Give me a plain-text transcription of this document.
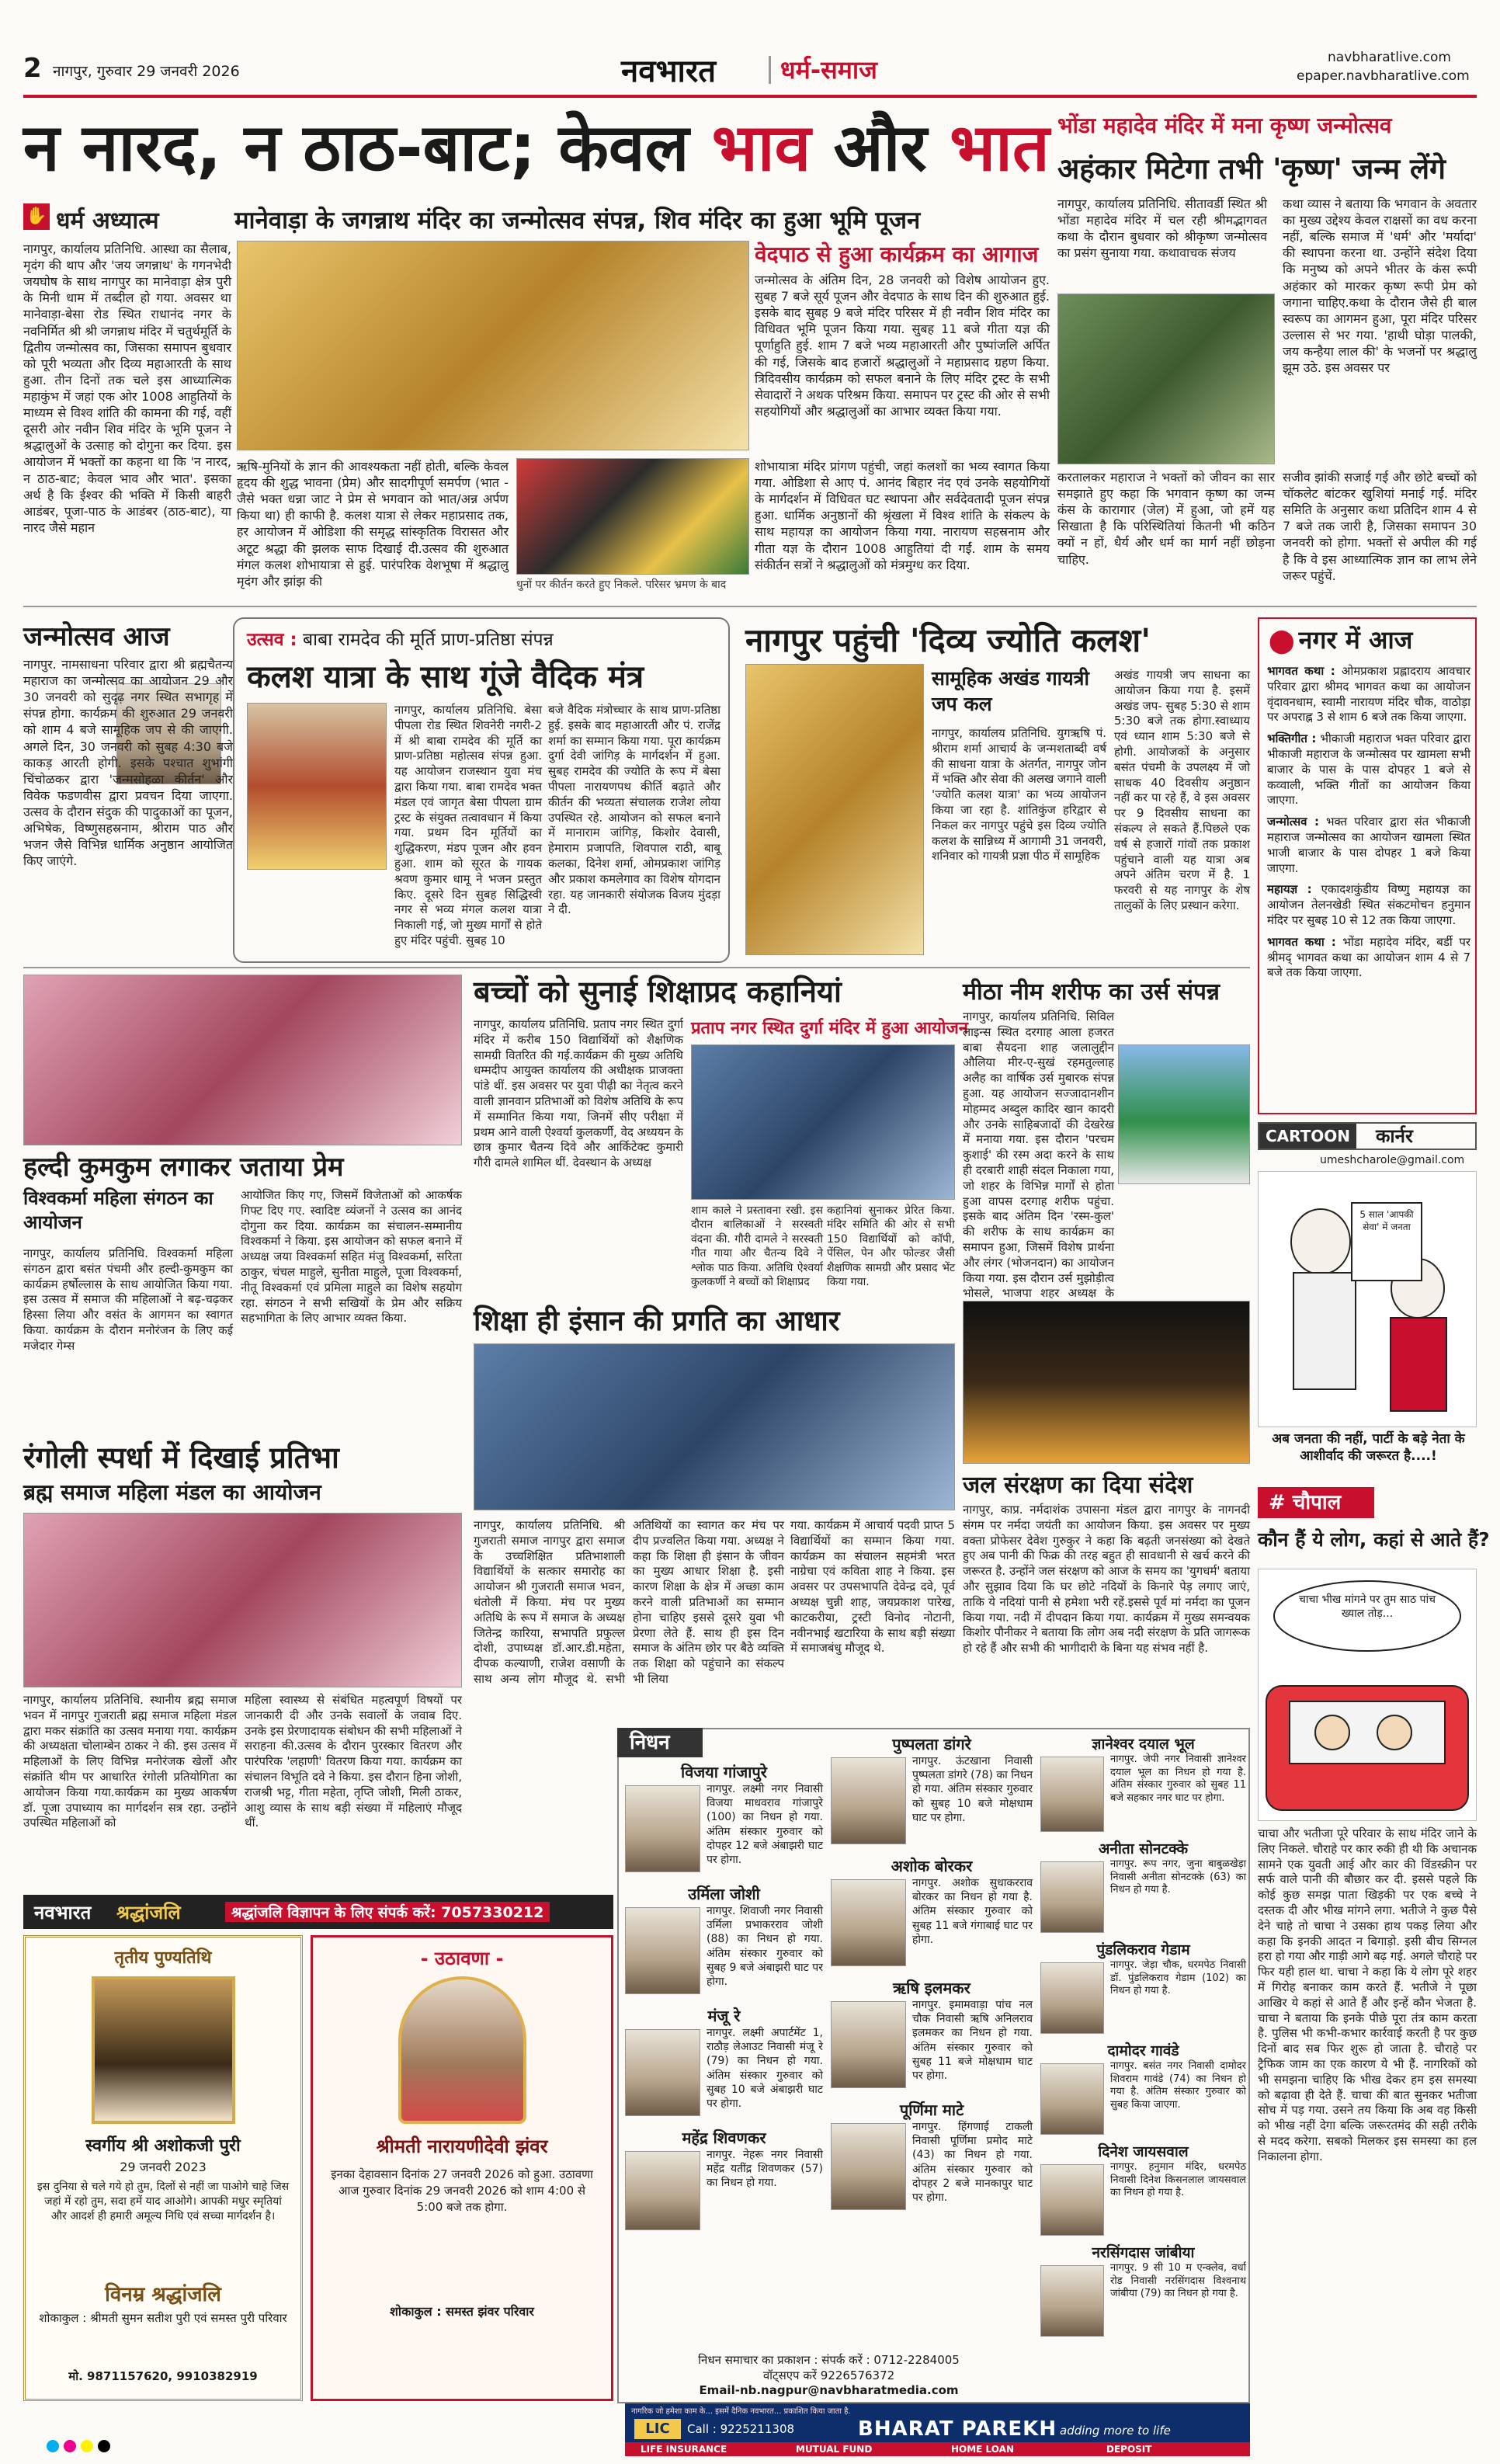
2 नागपुर, गुरुवार 29 जनवरी 2026	नवभारत	धर्म-समाज	navbharatlive.com
epaper.navbharatlive.com
न नारद, न ठाठ-बाट; केवल भाव और भात
✋ धर्म अध्यात्म	मानेवाड़ा के जगन्नाथ मंदिर का जन्मोत्सव संपन्न, शिव मंदिर का हुआ भूमि पूजन
नागपुर, कार्यालय प्रतिनिधि. आस्था का सैलाब, मृदंग की थाप और 'जय जगन्नाथ' के गगनभेदी जयघोष के साथ नागपुर का मानेवाड़ा क्षेत्र पुरी के मिनी धाम में तब्दील हो गया. अवसर था मानेवाड़ा-बेसा रोड स्थित राधानंद नगर के नवनिर्मित श्री श्री जगन्नाथ मंदिर में चतुर्थमूर्ति के द्वितीय जन्मोत्सव का, जिसका समापन बुधवार को पूरी भव्यता और दिव्य महाआरती के साथ हुआ. तीन दिनों तक चले इस आध्यात्मिक महाकुंभ में जहां एक ओर 1008 आहुतियों के माध्यम से विश्व शांति की कामना की गई, वहीं दूसरी ओर नवीन शिव मंदिर के भूमि पूजन ने श्रद्धालुओं के उत्साह को दोगुना कर दिया. इस आयोजन में भक्तों का कहना था कि 'न नारद, न ठाठ-बाट; केवल भाव और भात'. इसका अर्थ है कि ईश्वर की भक्ति में किसी बाहरी आडंबर, पूजा-पाठ के आडंबर (ठाठ-बाट), या नारद जैसे महान
वेदपाठ से हुआ कार्यक्रम का आगाज
जन्मोत्सव के अंतिम दिन, 28 जनवरी को विशेष आयोजन हुए. सुबह 7 बजे सूर्य पूजन और वेदपाठ के साथ दिन की शुरुआत हुई. इसके बाद सुबह 9 बजे मंदिर परिसर में ही नवीन शिव मंदिर का विधिवत भूमि पूजन किया गया. सुबह 11 बजे गीता यज्ञ की पूर्णाहुति हुई. शाम 7 बजे भव्य महाआरती और पुष्पांजलि अर्पित की गई, जिसके बाद हजारों श्रद्धालुओं ने महाप्रसाद ग्रहण किया. त्रिदिवसीय कार्यक्रम को सफल बनाने के लिए मंदिर ट्रस्ट के सभी सेवादारों ने अथक परिश्रम किया. समापन पर ट्रस्ट की ओर से सभी सहयोगियों और श्रद्धालुओं का आभार व्यक्त किया गया.
ऋषि-मुनियों के ज्ञान की आवश्यकता नहीं होती, बल्कि केवल हृदय की शुद्ध भावना (प्रेम) और सादगीपूर्ण समर्पण (भात - जैसे भक्त धन्ना जाट ने प्रेम से भगवान को भात/अन्न अर्पण किया था) ही काफी है. कलश यात्रा से लेकर महाप्रसाद तक, हर आयोजन में ओडिशा की समृद्ध सांस्कृतिक विरासत और अटूट श्रद्धा की झलक साफ दिखाई दी.उत्सव की शुरुआत मंगल कलश शोभायात्रा से हुई. पारंपरिक वेशभूषा में श्रद्धालु मृदंग और झांझ की	धुनों पर कीर्तन करते हुए निकले. परिसर भ्रमण के बाद
शोभायात्रा मंदिर प्रांगण पहुंची, जहां कलशों का भव्य स्वागत किया गया. ओडिशा से आए पं. आनंद बिहार नंद एवं उनके सहयोगियों के मार्गदर्शन में विधिवत घट स्थापना और सर्वदेवतादी पूजन संपन्न हुआ. धार्मिक अनुष्ठानों की श्रृंखला में विश्व शांति के संकल्प के साथ महायज्ञ का आयोजन किया गया. नारायण सहस्रनाम और गीता यज्ञ के दौरान 1008 आहुतियां दी गईं. शाम के समय संकीर्तन सत्रों ने श्रद्धालुओं को मंत्रमुग्ध कर दिया.
भोंडा महादेव मंदिर में मना कृष्ण जन्मोत्सव
अहंकार मिटेगा तभी 'कृष्ण' जन्म लेंगे
नागपुर, कार्यालय प्रतिनिधि. सीतावर्डी स्थित श्री भोंडा महादेव मंदिर में चल रही श्रीमद्भागवत कथा के दौरान बुधवार को श्रीकृष्ण जन्मोत्सव का प्रसंग सुनाया गया. कथावाचक संजय
कथा व्यास ने बताया कि भगवान के अवतार का मुख्य उद्देश्य केवल राक्षसों का वध करना नहीं, बल्कि समाज में 'धर्म' और 'मर्यादा' की स्थापना करना था. उन्होंने संदेश दिया कि मनुष्य को अपने भीतर के कंस रूपी अहंकार को मारकर कृष्ण रूपी प्रेम को जगाना चाहिए.कथा के दौरान जैसे ही बाल स्वरूप का आगमन हुआ, पूरा मंदिर परिसर उल्लास से भर गया. 'हाथी घोड़ा पालकी, जय कन्हैया लाल की' के भजनों पर श्रद्धालु झूम उठे. इस अवसर पर
करतालकर महाराज ने भक्तों को जीवन का सार समझाते हुए कहा कि भगवान कृष्ण का जन्म कंस के कारागार (जेल) में हुआ, जो हमें यह सिखाता है कि परिस्थितियां कितनी भी कठिन क्यों न हों, धैर्य और धर्म का मार्ग नहीं छोड़ना चाहिए.
सजीव झांकी सजाई गई और छोटे बच्चों को चॉकलेट बांटकर खुशियां मनाई गईं. मंदिर समिति के अनुसार कथा प्रतिदिन शाम 4 से 7 बजे तक जारी है, जिसका समापन 30 जनवरी को होगा. भक्तों से अपील की गई है कि वे इस आध्यात्मिक ज्ञान का लाभ लेने जरूर पहुंचें.
जन्मोत्सव आज
नागपुर. नामसाधना परिवार द्वारा श्री ब्रह्मचैतन्य महाराज का जन्मोत्सव का आयोजन 29 और 30 जनवरी को सुदृढ़ नगर स्थित सभागृह में संपन्न होगा. कार्यक्रम की शुरुआत 29 जनवरी को शाम 4 बजे सामूहिक जप से की जाएगी. अगले दिन, 30 जनवरी को सुबह 4:30 बजे काकड़ आरती होगी. इसके पश्चात शुभांगी चिंचोळकर द्वारा 'जन्मसोहळा कीर्तन' और विवेक फडणवीस द्वारा प्रवचन दिया जाएगा. उत्सव के दौरान संदुक की पादुकाओं का पूजन, अभिषेक, विष्णुसहस्रनाम, श्रीराम पाठ और भजन जैसे विभिन्न धार्मिक अनुष्ठान आयोजित किए जाएंगे.
उत्सव : बाबा रामदेव की मूर्ति प्राण-प्रतिष्ठा संपन्न
कलश यात्रा के साथ गूंजे वैदिक मंत्र
नागपुर, कार्यालय प्रतिनिधि. बेसा पीपला रोड स्थित शिवनेरी नगरी-2 में श्री बाबा रामदेव की मूर्ति का प्राण-प्रतिष्ठा महोत्सव संपन्न हुआ. यह आयोजन राजस्थान युवा मंच द्वारा किया गया. बाबा रामदेव भक्त मंडल एवं जागृत बेसा पीपला ग्राम ट्रस्ट के संयुक्त तत्वावधान में किया गया. प्रथम दिन मूर्तियों का शुद्धिकरण, मंडप पूजन और हवन हुआ. शाम को सूरत के गायक श्रवण कुमार धामू ने भजन प्रस्तुत किए. दूसरे दिन सुबह सिद्धिस्वी नगर से भव्य मंगल कलश यात्रा निकाली गई, जो मुख्य मार्गों से होते हुए मंदिर पहुंची. सुबह 10
बजे वैदिक मंत्रोच्चार के साथ प्राण-प्रतिष्ठा हुई. इसके बाद महाआरती और पं. राजेंद्र शर्मा का सम्मान किया गया. पूरा कार्यक्रम दुर्गा देवी जांगिड़ के मार्गदर्शन में हुआ. सुबह रामदेव की ज्योति के रूप में बेसा पीपला नारायणपथ कीर्ति बढ़ाते और कीर्तन की भव्यता संचालक राजेश लोया उपस्थित रहे. आयोजन को सफल बनाने में मानाराम जांगिड़, किशोर देवासी, हेमाराम प्रजापति, शिवपाल राठी, बाबू कलका, दिनेश शर्मा, ओमप्रकाश जांगिड़ और प्रकाश कमलेगाव का विशेष योगदान रहा. यह जानकारी संयोजक विजय मुंदड़ा ने दी.
नागपुर पहुंची 'दिव्य ज्योति कलश'
सामूहिक अखंड गायत्री जप कल
नागपुर, कार्यालय प्रतिनिधि. युगऋषि पं. श्रीराम शर्मा आचार्य के जन्मशताब्दी वर्ष की साधना यात्रा के अंतर्गत, नागपुर जोन में भक्ति और सेवा की अलख जगाने वाली 'ज्योति कलश यात्रा' का भव्य आयोजन किया जा रहा है. शांतिकुंज हरिद्वार से निकल कर नागपुर पहुंचे इस दिव्य ज्योति कलश के सान्निध्य में आगामी 31 जनवरी, शनिवार को गायत्री प्रज्ञा पीठ में सामूहिक
अखंड गायत्री जप साधना का आयोजन किया गया है. इसमें अखंड जप- सुबह 5:30 से शाम 5:30 बजे तक होगा.स्वाध्याय एवं ध्यान शाम 5:30 बजे से होगी. आयोजकों के अनुसार बसंत पंचमी के उपलक्ष्य में जो साधक 40 दिवसीय अनुष्ठान नहीं कर पा रहे हैं, वे इस अवसर पर 9 दिवसीय साधना का संकल्प ले सकते हैं.पिछले एक वर्ष से हजारों गांवों तक प्रकाश पहुंचाने वाली यह यात्रा अब अपने अंतिम चरण में है. 1 फरवरी से यह नागपुर के शेष तालुकों के लिए प्रस्थान करेगा.
⬤ नगर में आज
भागवत कथा : ओमप्रकाश प्रह्लादराय आवचार परिवार द्वारा श्रीमद भागवत कथा का आयोजन वृंदावनधाम, स्वामी नारायण मंदिर चौक, वाठोड़ा पर अपराह्न 3 से शाम 6 बजे तक किया जाएगा.
भक्तिगीत : भीकाजी महाराज भक्त परिवार द्वारा भीकाजी महाराज के जन्मोत्सव पर खामला सभी बाजार के पास के पास दोपहर 1 बजे से कव्वाली, भक्ति गीतों का आयोजन किया जाएगा.
जन्मोत्सव : भक्त परिवार द्वारा संत भीकाजी महाराज जन्मोत्सव का आयोजन खामला स्थित भाजी बाजार के पास दोपहर 1 बजे किया जाएगा.
महायज्ञ : एकादशकुंडीय विष्णु महायज्ञ का आयोजन तेलनखेडी स्थित संकटमोचन हनुमान मंदिर पर सुबह 10 से 12 तक किया जाएगा.
भागवत कथा : भोंडा महादेव मंदिर, बर्डी पर श्रीमद् भागवत कथा का आयोजन शाम 4 से 7 बजे तक किया जाएगा.
CARTOON	कार्नर
umeshcharole@gmail.com
5 साल 'आपकी सेवा' में जनता
अब जनता की नहीं, पार्टी के बड़े नेता के आशीर्वाद की जरूरत है....!
बच्चों को सुनाई शिक्षाप्रद कहानियां
नागपुर, कार्यालय प्रतिनिधि. प्रताप नगर स्थित दुर्गा मंदिर में करीब 150 विद्यार्थियों को शैक्षणिक सामग्री वितरित की गई.कार्यक्रम की मुख्य अतिथि धम्मदीप आयुक्त कार्यालय की अधीक्षक प्राजक्ता पांडे थीं. इस अवसर पर युवा पीढ़ी का नेतृत्व करने वाली ज्ञानवान प्रतिभाओं को विशेष अतिथि के रूप में सम्मानित किया गया, जिनमें सीए परीक्षा में प्रथम आने वाली ऐश्वर्या कुलकर्णी, वेद अध्ययन के छात्र कुमार चैतन्य दिवे और आर्किटेक्ट कुमारी गौरी दामले शामिल थीं. देवस्थान के अध्यक्ष
प्रताप नगर स्थित दुर्गा मंदिर में हुआ आयोजन
शाम काले ने प्रस्तावना रखी. इस दौरान बालिकाओं ने सरस्वती वंदना की. गौरी दामले ने सरस्वती गीत गाया और चैतन्य दिवे ने श्लोक पाठ किया. अतिथि ऐश्वर्या कुलकर्णी ने बच्चों को शिक्षाप्रद
कहानियां सुनाकर प्रेरित किया. मंदिर समिति की ओर से सभी 150 विद्यार्थियों को कॉपी, पेंसिल, पेन और फोल्डर जैसी शैक्षणिक सामग्री और प्रसाद भेंट किया गया.
मीठा नीम शरीफ का उर्स संपन्न
नागपुर, कार्यालय प्रतिनिधि. सिविल लाइन्स स्थित दरगाह आला हजरत बाबा सैयदना शाह जलालुद्दीन औलिया मीर-ए-सुखं रहमतुल्लाह अलैह का वार्षिक उर्स मुबारक संपन्न हुआ. यह आयोजन सज्जादानशीन मोहम्मद अब्दुल कादिर खान कादरी और उनके साहिबजादों की देखरेख में मनाया गया. इस दौरान 'परचम कुशाई' की रस्म अदा करने के साथ ही दरबारी शाही संदल निकाला गया, जो शहर के विभिन्न मार्गों से होता हुआ वापस दरगाह शरीफ पहुंचा. इसके बाद अंतिम दिन 'रस्म-कुल' की शरीफ के साथ कार्यक्रम का समापन हुआ, जिसमें विशेष प्रार्थना और लंगर (भोजनदान) का आयोजन किया गया. इस दौरान उर्स मुझोड़ीत्व भोसले, भाजपा शहर अध्यक्ष के
हल्दी कुमकुम लगाकर जताया प्रेम
विश्वकर्मा महिला संगठन का आयोजन
नागपुर, कार्यालय प्रतिनिधि. विश्वकर्मा महिला संगठन द्वारा बसंत पंचमी और हल्दी-कुमकुम का कार्यक्रम हर्षोल्लास के साथ आयोजित किया गया. इस उत्सव में समाज की महिलाओं ने बढ़-चढ़कर हिस्सा लिया और वसंत के आगमन का स्वागत किया. कार्यक्रम के दौरान मनोरंजन के लिए कई मजेदार गेम्स
आयोजित किए गए, जिसमें विजेताओं को आकर्षक गिफ्ट दिए गए. स्वादिष्ट व्यंजनों ने उत्सव का आनंद दोगुना कर दिया. कार्यक्रम का संचालन-सम्मानीय विश्वकर्मा ने किया. इस आयोजन को सफल बनाने में अध्यक्ष जया विश्वकर्मा सहित मंजु विश्वकर्मा, सरिता ठाकुर, चंचल माहुले, सुनीता माहुले, पूजा विश्वकर्मा, नीतू विश्वकर्मा एवं प्रमिला माहुले का विशेष सहयोग रहा. संगठन ने सभी सखियों के प्रेम और सक्रिय सहभागिता के लिए आभार व्यक्त किया.	शिक्षा ही इंसान की प्रगति का आधार
नागपुर, कार्यालय प्रतिनिधि. श्री गुजराती समाज नागपुर द्वारा समाज के उच्चशिक्षित प्रतिभाशाली विद्यार्थियों के सत्कार समारोह का आयोजन श्री गुजराती समाज भवन, धंतोली में किया. मंच पर मुख्य अतिथि के रूप में समाज के अध्यक्ष जितेन्द्र कारिया, सभापति प्रफुल्ल दोशी, उपाध्यक्ष डॉ.आर.डी.महेता, दीपक कल्याणी, राजेश वसाणी के साथ अन्य लोग मौजूद थे. सभी अतिथियों का स्वागत कर मंच पर दीप प्रज्वलित किया गया. अध्यक्ष ने कहा कि शिक्षा ही इंसान के जीवन का मुख्य आधार शिक्षा है. इसी कारण शिक्षा के क्षेत्र में अच्छा काम करने वाली प्रतिभाओं का सम्मान होना चाहिए इससे दूसरे युवा भी प्रेरणा लेते हैं. साथ ही इस दिन समाज के अंतिम छोर पर बैठे व्यक्ति तक शिक्षा को पहुंचाने का संकल्प भी लिया
गया. कार्यक्रम में आचार्य पदवी प्राप्त 5 विद्यार्थियों का सम्मान किया गया. कार्यक्रम का संचालन सहमंत्री भरत नाग्रेचा एवं कविता शाह ने किया. इस अवसर पर उपसभापति देवेन्द्र दवे, पूर्व अध्यक्ष चुन्नी शाह, जयप्रकाश पारेख, काटकरीया, ट्रस्टी विनोद नोटानी, नवीनभाई खटारिया के साथ बड़ी संख्या में समाजबंधु मौजूद थे.
जल संरक्षण का दिया संदेश
नागपुर, काप्र. नर्मदाशंक उपासना मंडल द्वारा नागपुर के नागनदी संगम पर नर्मदा जयंती का आयोजन किया. इस अवसर पर मुख्य वक्ता प्रोफेसर देवेश गुरुकुर ने कहा कि बढ़ती जनसंख्या को देखते हुए अब पानी की फिक्र की तरह बहुत ही सावधानी से खर्च करने की जरूरत है. उन्होंने जल संरक्षण को आज के समय का 'युगधर्म' बताया और सुझाव दिया कि घर छोटे नदियों के किनारे पेड़ लगाए जाएं, ताकि ये नदियां पानी से हमेशा भरी रहें.इससे पूर्व मां नर्मदा का पूजन किया गया. नदी में दीपदान किया गया. कार्यक्रम में मुख्य समन्वयक किशोर पौनीकर ने बताया कि लोग अब नदी संरक्षण के प्रति जागरूक हो रहे हैं और सभी की भागीदारी के बिना यह संभव नहीं है.
रंगोली स्पर्धा में दिखाई प्रतिभा
ब्रह्म समाज महिला मंडल का आयोजन
नागपुर, कार्यालय प्रतिनिधि. स्थानीय ब्रह्म समाज भवन में नागपुर गुजराती ब्रह्म समाज महिला मंडल द्वारा मकर संक्रांति का उत्सव मनाया गया. कार्यक्रम की अध्यक्षता चोलाम्बेन ठाकर ने की. इस उत्सव में महिलाओं के लिए विभिन्न मनोरंजक खेलों और संक्रांति थीम पर आधारित रंगोली प्रतियोगिता का आयोजन किया गया.कार्यक्रम का मुख्य आकर्षण डॉ. पूजा उपाध्याय का मार्गदर्शन सत्र रहा. उन्होंने उपस्थित महिलाओं को
महिला स्वास्थ्य से संबंधित महत्वपूर्ण विषयों पर जानकारी दी और उनके सवालों के जवाब दिए. उनके इस प्रेरणादायक संबोधन की सभी महिलाओं ने सराहना की.उत्सव के दौरान पुरस्कार वितरण और पारंपरिक 'लहाणी' वितरण किया गया. कार्यक्रम का संचालन विभूति दवे ने किया. इस दौरान हिना जोशी, राजश्री भट्ट, गीता महेता, तृप्ति जोशी, मिली ठाकर, आशु व्यास के साथ बड़ी संख्या में महिलाएं मौजूद थीं.
# चौपाल
कौन हैं ये लोग, कहां से आते हैं?
चाचा भीख मांगने पर तुम साठ पांच ख्याल तोड़...
चाचा और भतीजा पूरे परिवार के साथ मंदिर जाने के लिए निकले. चौराहे पर कार रुकी ही थी कि अचानक सामने एक युवती आई और कार की विंडस्क्रीन पर सर्फ वाले पानी की बौछार कर दी. इससे पहले कि कोई कुछ समझ पाता खिड़की पर एक बच्चे ने दस्तक दी और भीख मांगने लगा. भतीजे ने कुछ पैसे देने चाहे तो चाचा ने उसका हाथ पकड़ लिया और कहा कि इनकी आदत न बिगाड़ो. इसी बीच सिग्नल हरा हो गया और गाड़ी आगे बढ़ गई. अगले चौराहे पर फिर यही हाल था. चाचा ने कहा कि ये लोग पूरे शहर में गिरोह बनाकर काम करते हैं. भतीजे ने पूछा आखिर ये कहां से आते हैं और इन्हें कौन भेजता है. चाचा ने बताया कि इनके पीछे पूरा तंत्र काम करता है. पुलिस भी कभी-कभार कार्रवाई करती है पर कुछ दिनों बाद सब फिर शुरू हो जाता है. चौराहे पर ट्रैफिक जाम का एक कारण ये भी हैं. नागरिकों को भी समझना चाहिए कि भीख देकर हम इस समस्या को बढ़ावा ही देते हैं. चाचा की बात सुनकर भतीजा सोच में पड़ गया. उसने तय किया कि अब वह किसी को भीख नहीं देगा बल्कि जरूरतमंद की सही तरीके से मदद करेगा. सबको मिलकर इस समस्या का हल निकालना होगा.
निधन
विजया गांजापुरे
नागपुर. लक्ष्मी नगर निवासी विजया माधवराव गांजापुरे (100) का निधन हो गया. अंतिम संस्कार गुरुवार को दोपहर 12 बजे अंबाझरी घाट पर होगा.
उर्मिला जोशी
नागपुर. शिवाजी नगर निवासी उर्मिला प्रभाकरराव जोशी (88) का निधन हो गया. अंतिम संस्कार गुरुवार को सुबह 9 बजे अंबाझरी घाट पर होगा.
मंजू रे
नागपुर. लक्ष्मी अपार्टमेंट 1, राठौड़ लेआउट निवासी मंजू रे (79) का निधन हो गया. अंतिम संस्कार गुरुवार को सुबह 10 बजे अंबाझरी घाट पर होगा.
महेंद्र शिवणकर
नागपुर. नेहरू नगर निवासी महेंद्र यतींद्र शिवणकर (57) का निधन हो गया.
पुष्पलता डांगरे
नागपुर. ऊंटखाना निवासी पुष्पलता डांगरे (78) का निधन हो गया. अंतिम संस्कार गुरुवार को सुबह 10 बजे मोक्षधाम घाट पर होगा.
अशोक बोरकर
नागपुर. अशोक सुधाकरराव बोरकर का निधन हो गया है. अंतिम संस्कार गुरुवार को सुबह 11 बजे गंगाबाई घाट पर होगा.
ऋषि इलमकर
नागपुर. इमामवाड़ा पांच नल चौक निवासी ऋषि अनिलराव इलमकर का निधन हो गया. अंतिम संस्कार गुरुवार को सुबह 11 बजे मोक्षधाम घाट पर होगा.
पूर्णिमा माटे
नागपुर. हिंगणाई टाकली निवासी पूर्णिमा प्रमोद माटे (43) का निधन हो गया. अंतिम संस्कार गुरुवार को दोपहर 2 बजे मानकापुर घाट पर होगा.
ज्ञानेश्वर दयाल भूल
नागपुर. जेपी नगर निवासी ज्ञानेश्वर दयाल भूल का निधन हो गया है. अंतिम संस्कार गुरुवार को सुबह 11 बजे सहकार नगर घाट पर होगा.
अनीता सोनटक्के
नागपुर. रूप नगर, जुना बाबुळखेड़ा निवासी अनीता सोनटक्के (63) का निधन हो गया है.
पुंडलिकराव गेडाम
नागपुर. जेड़ा चौक, धरमपेठ निवासी डॉ. पुंडलिकराव गेडाम (102) का निधन हो गया है.
दामोदर गावंडे
नागपुर. बसंत नगर निवासी दामोदर शिवराम गावंडे (74) का निधन हो गया है. अंतिम संस्कार गुरुवार को सुबह किया जाएगा.
दिनेश जायसवाल
नागपुर. हनुमान मंदिर, धरमपेठ निवासी दिनेश किसनलाल जायसवाल का निधन हो गया है.
नरसिंगदास जांबीया
नागपुर. 9 सी 10 म एन्क्लेव, वर्धा रोड निवासी नरसिंगदास विश्वनाथ जांबीया (79) का निधन हो गया है.
निधन समाचार का प्रकाशन : संपर्क करें : 0712-2284005
वॉट्सएप करें 9226576372
Email-nb.nagpur@navbharatmedia.com
नवभारत श्रद्धांजलि	श्रद्धांजलि विज्ञापन के लिए संपर्क करें: 7057330212
तृतीय पुण्यतिथि
स्वर्गीय श्री अशोकजी पुरी
29 जनवरी 2023
इस दुनिया से चले गये हो तुम, दिलों से नहीं जा पाओगे चाहे जिस जहां में रहो तुम, सदा हमें याद आओगे। आपकी मधुर स्मृतियां और आदर्श ही हमारी अमूल्य निधि एवं सच्चा मार्गदर्शन है।
विनम्र श्रद्धांजलि
शोकाकुल : श्रीमती सुमन सतीश पुरी एवं समस्त पुरी परिवार
मो. 9871157620, 9910382919
- उठावणा -
श्रीमती नारायणीदेवी झंवर
इनका देहावसान दिनांक 27 जनवरी 2026 को हुआ. उठावणा आज गुरुवार दिनांक 29 जनवरी 2026 को शाम 4:00 से 5:00 बजे तक होगा.
शोकाकुल : समस्त झंवर परिवार
नागरिक जो हमेशा काम के... इसमें दैनिक नवभारत... प्रकाशित किया जाता है.
LIC	Call : 9225211308	BHARAT PAREKH adding more to life
LIFE INSURANCE	MUTUAL FUND	HOME LOAN	DEPOSIT
